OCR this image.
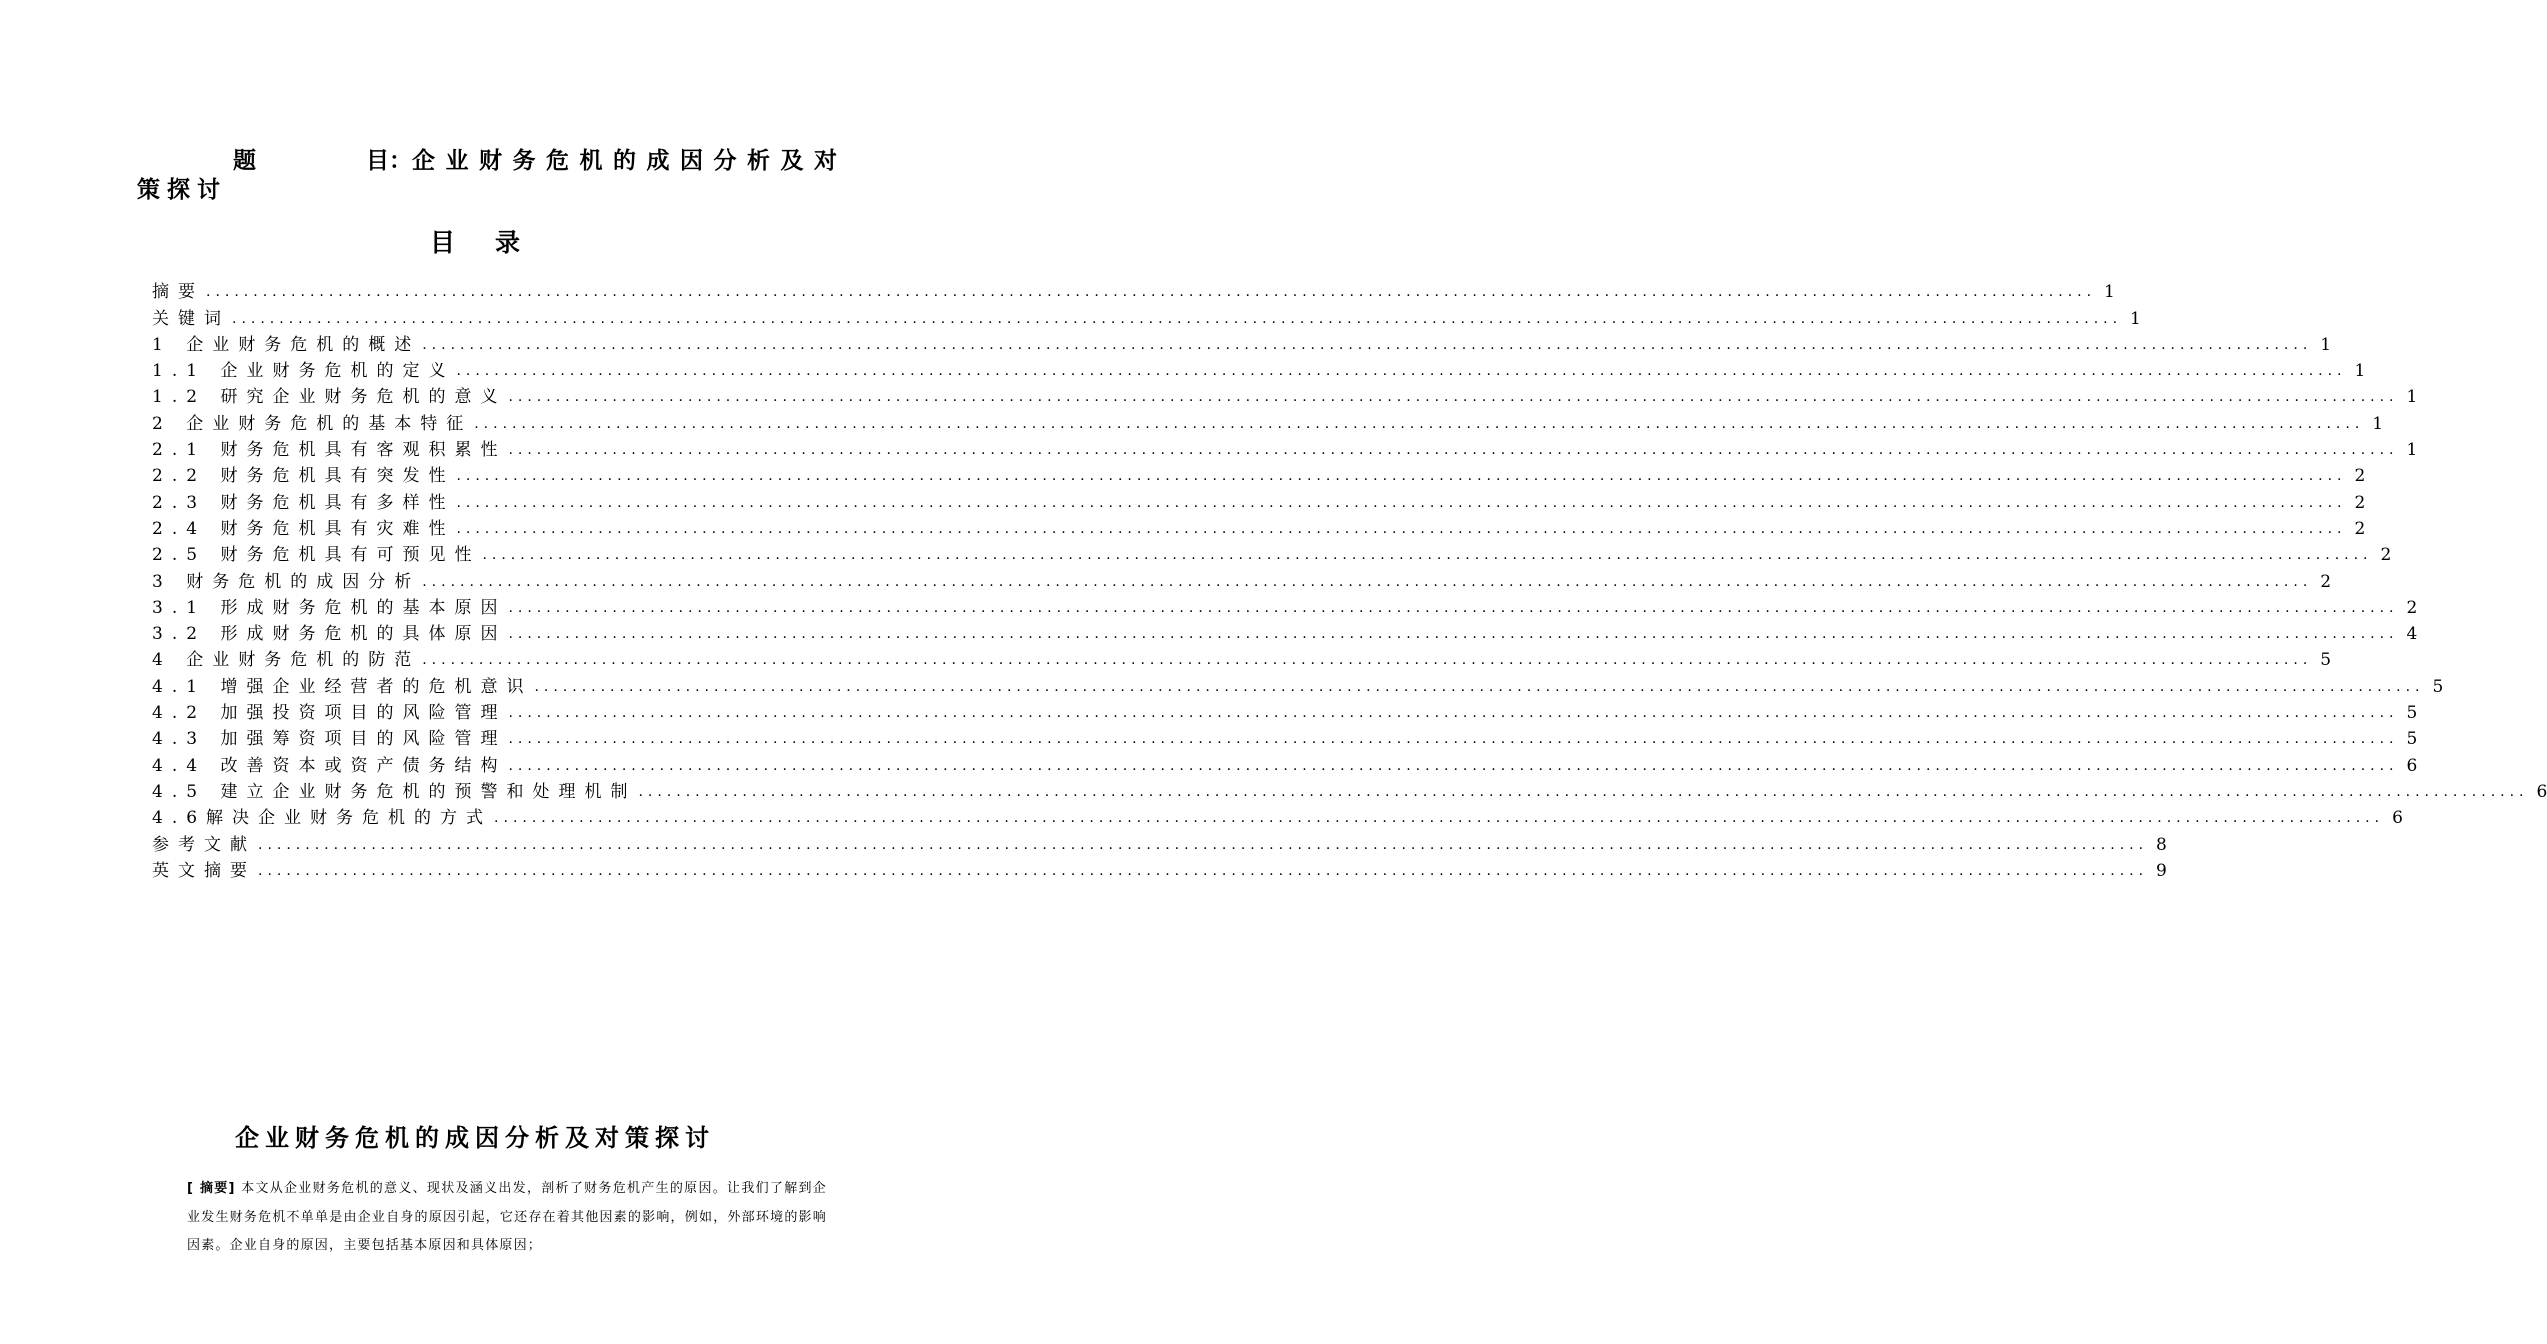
题	目：企业财务危机的成因分析及对
策探讨
目录
摘要 ........................................................................................................................................................................................................ 1
关键词 ........................................................................................................................................................................................................ 1
1 企业财务危机的概述 ........................................................................................................................................................................................................ 1
1.1 企业财务危机的定义 ........................................................................................................................................................................................................ 1
1.2 研究企业财务危机的意义 ........................................................................................................................................................................................................ 1
2 企业财务危机的基本特征 ........................................................................................................................................................................................................ 1
2.1 财务危机具有客观积累性 ........................................................................................................................................................................................................ 1
2.2 财务危机具有突发性 ........................................................................................................................................................................................................ 2
2.3 财务危机具有多样性 ........................................................................................................................................................................................................ 2
2.4 财务危机具有灾难性 ........................................................................................................................................................................................................ 2
2.5 财务危机具有可预见性 ........................................................................................................................................................................................................ 2
3 财务危机的成因分析 ........................................................................................................................................................................................................ 2
3.1 形成财务危机的基本原因 ........................................................................................................................................................................................................ 2
3.2 形成财务危机的具体原因 ........................................................................................................................................................................................................ 4
4 企业财务危机的防范 ........................................................................................................................................................................................................ 5
4.1 增强企业经营者的危机意识 ........................................................................................................................................................................................................ 5
4.2 加强投资项目的风险管理 ........................................................................................................................................................................................................ 5
4.3 加强筹资项目的风险管理 ........................................................................................................................................................................................................ 5
4.4 改善资本或资产债务结构 ........................................................................................................................................................................................................ 6
4.5 建立企业财务危机的预警和处理机制 ........................................................................................................................................................................................................ 6
4.6解决企业财务危机的方式 ........................................................................................................................................................................................................ 6
参考文献 ........................................................................................................................................................................................................ 8
英文摘要 ........................................................................................................................................................................................................ 9
企业财务危机的成因分析及对策探讨
[ 摘要] 本文从企业财务危机的意义、现状及涵义出发，剖析了财务危机产生的原因。让我们了解到企业发生财务危机不单单是由企业自身的原因引起，它还存在着其他因素的影响，例如，外部环境的影响因素。企业自身的原因，主要包括基本原因和具体原因；
